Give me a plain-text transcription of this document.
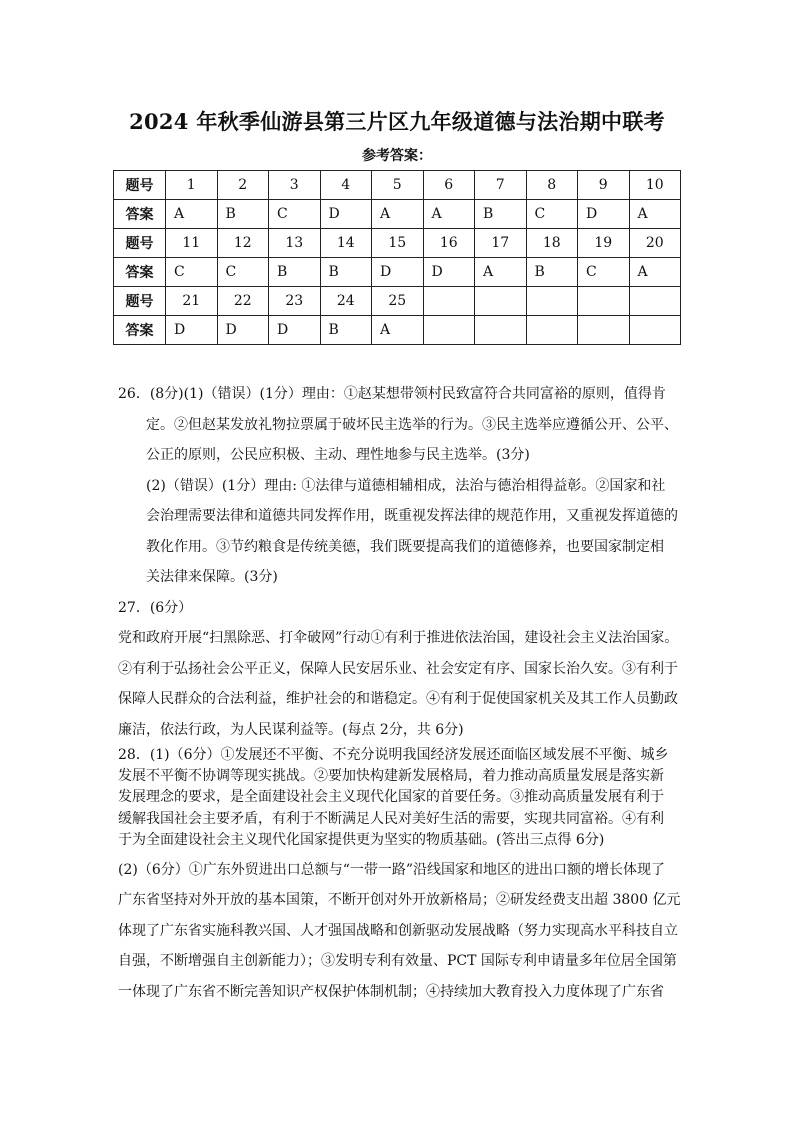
2024 年秋季仙游县第三片区九年级道德与法治期中联考
参考答案：
题号	1	2	3	4	5	6	7	8	9	10
答案	A	B	C	D	A	A	B	C	D	A
题号	11	12	13	14	15	16	17	18	19	20
答案	C	C	B	B	D	D	A	B	C	A
题号	21	22	23	24	25					
答案	D	D	D	B	A					
26．(8分)(1)（错误）(1分）理由：①赵某想带领村民致富符合共同富裕的原则，值得肯
定。②但赵某发放礼物拉票属于破坏民主选举的行为。③民主选举应遵循公开、公平、
公正的原则，公民应积极、主动、理性地参与民主选举。(3分)
(2)（错误）(1分）理由: ①法律与道德相辅相成，法治与德治相得益彰。②国家和社
会治理需要法律和道德共同发挥作用，既重视发挥法律的规范作用，又重视发挥道德的
教化作用。③节约粮食是传统美德，我们既要提高我们的道德修养，也要国家制定相
关法律来保障。(3分)
27．(6分）
党和政府开展“扫黑除恶、打伞破网”行动①有利于推进依法治国，建设社会主义法治国家。
②有利于弘扬社会公平正义，保障人民安居乐业、社会安定有序、国家长治久安。③有利于
保障人民群众的合法利益，维护社会的和谐稳定。④有利于促使国家机关及其工作人员勤政
廉洁，依法行政，为人民谋利益等。(每点 2分，共 6分)
28．(1)（6分）①发展还不平衡、不充分说明我国经济发展还面临区域发展不平衡、城乡
发展不平衡不协调等现实挑战。②要加快构建新发展格局，着力推动高质量发展是落实新
发展理念的要求，是全面建设社会主义现代化国家的首要任务。③推动高质量发展有利于
缓解我国社会主要矛盾，有利于不断满足人民对美好生活的需要，实现共同富裕。④有利
于为全面建设社会主义现代化国家提供更为坚实的物质基础。(答出三点得 6分)
(2)（6分）①广东外贸进出口总额与“一带一路”沿线国家和地区的进出口额的增长体现了
广东省坚持对外开放的基本国策，不断开创对外开放新格局；②研发经费支出超 3800 亿元
体现了广东省实施科教兴国、人才强国战略和创新驱动发展战略（努力实现高水平科技自立
自强，不断增强自主创新能力）；③发明专利有效量、PCT 国际专利申请量多年位居全国第
一体现了广东省不断完善知识产权保护体制机制；④持续加大教育投入力度体现了广东省
